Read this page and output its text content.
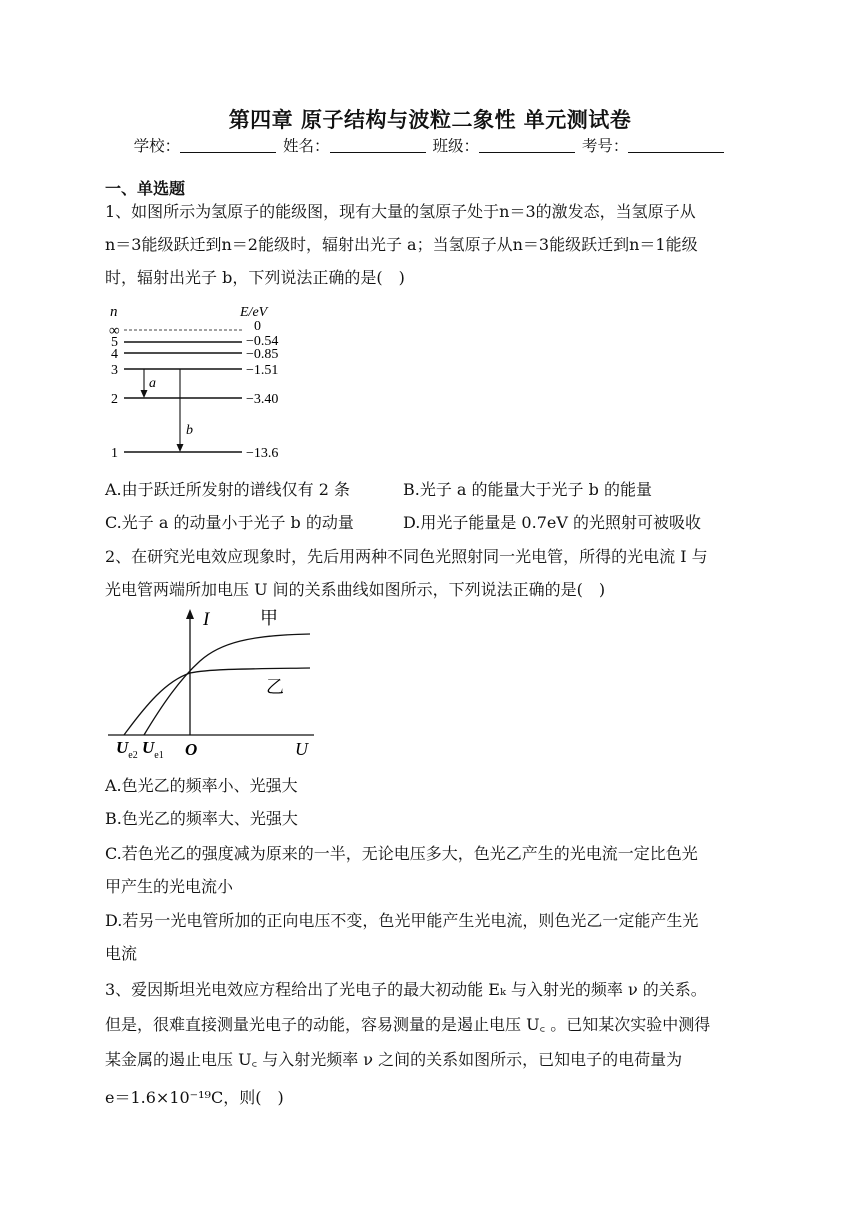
第四章 原子结构与波粒二象性 单元测试卷
学校：	姓名：	班级：	考号：
一、单选题
1、如图所示为氢原子的能级图，现有大量的氢原子处于n＝3的激发态，当氢原子从
n＝3能级跃迁到n＝2能级时，辐射出光子 a；当氢原子从n＝3能级跃迁到n＝1能级
时，辐射出光子 b，下列说法正确的是(　)
n	E/eV
∞
5
4
3
2
1
0
−0.54
−0.85
−1.51
−3.40
−13.6
a
b
A.由于跃迁所发射的谱线仅有 2 条	B.光子 a 的能量大于光子 b 的能量
C.光子 a 的动量小于光子 b 的动量	D.用光子能量是 0.7eV 的光照射可被吸收
2、在研究光电效应现象时，先后用两种不同色光照射同一光电管，所得的光电流 I 与
光电管两端所加电压 U 间的关系曲线如图所示，下列说法正确的是(　)
I	甲
乙
O	U
$U_{e2}$ $U_{e1}$
A.色光乙的频率小、光强大
B.色光乙的频率大、光强大
C.若色光乙的强度减为原来的一半，无论电压多大，色光乙产生的光电流一定比色光
甲产生的光电流小
D.若另一光电管所加的正向电压不变，色光甲能产生光电流，则色光乙一定能产生光
电流
3、爱因斯坦光电效应方程给出了光电子的最大初动能 Eₖ 与入射光的频率 ν 的关系。
但是，很难直接测量光电子的动能，容易测量的是遏止电压 U꜀ 。已知某次实验中测得
某金属的遏止电压 U꜀ 与入射光频率 ν 之间的关系如图所示，已知电子的电荷量为
e＝1.6×10⁻¹⁹C，则(　)
